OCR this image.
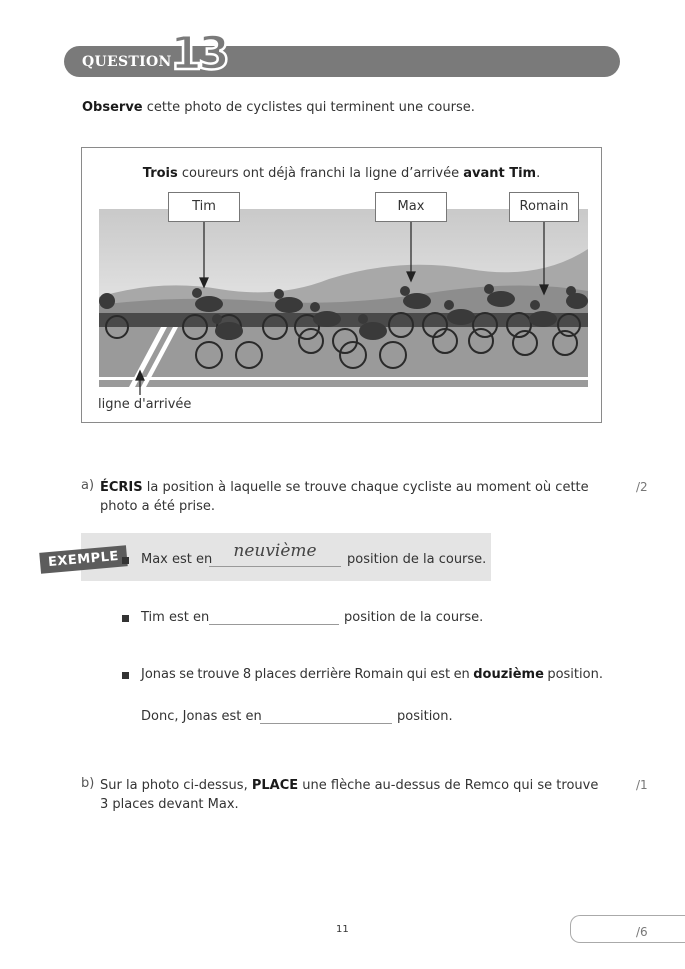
QUESTION
13
Observe cette photo de cyclistes qui terminent une course.
Trois coureurs ont déjà franchi la ligne d’arrivée avant Tim.
Tim	Max	Romain
ligne d'arrivée
a) ÉCRIS la position à laquelle se trouve chaque cycliste au moment où cette photo a été prise.
/2
EXEMPLE	Max est en	neuvième	position de la course.
Tim est en	position de la course.
Jonas se trouve 8 places derrière Romain qui est en douzième position.
Donc, Jonas est en	position.
b) Sur la photo ci-dessus, PLACE une flèche au-dessus de Remco qui se trouve 3 places devant Max.
/1
11	/6
